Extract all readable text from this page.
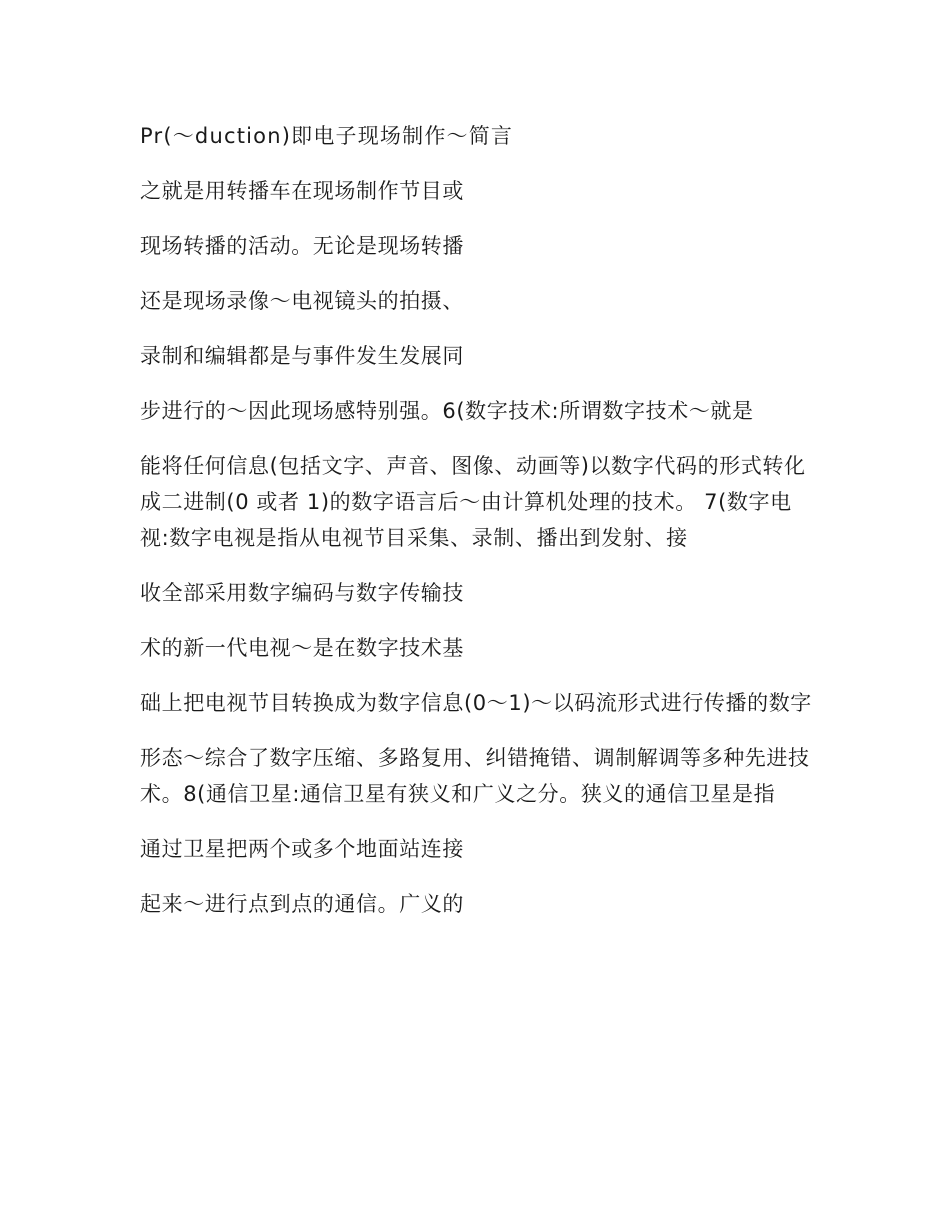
Pr(～duction)即电子现场制作～简言

之就是用转播车在现场制作节目或

现场转播的活动。无论是现场转播

还是现场录像～电视镜头的拍摄、

录制和编辑都是与事件发生发展同

步进行的～因此现场感特别强。6(数字技术:所谓数字技术～就是

能将任何信息(包括文字、声音、图像、动画等)以数字代码的形式转化成二进制(0 或者 1)的数字语言后～由计算机处理的技术。 7(数字电视:数字电视是指从电视节目采集、录制、播出到发射、接

收全部采用数字编码与数字传输技

术的新一代电视～是在数字技术基

础上把电视节目转换成为数字信息(0～1)～以码流形式进行传播的数字

形态～综合了数字压缩、多路复用、纠错掩错、调制解调等多种先进技术。8(通信卫星:通信卫星有狭义和广义之分。狭义的通信卫星是指

通过卫星把两个或多个地面站连接

起来～进行点到点的通信。广义的
